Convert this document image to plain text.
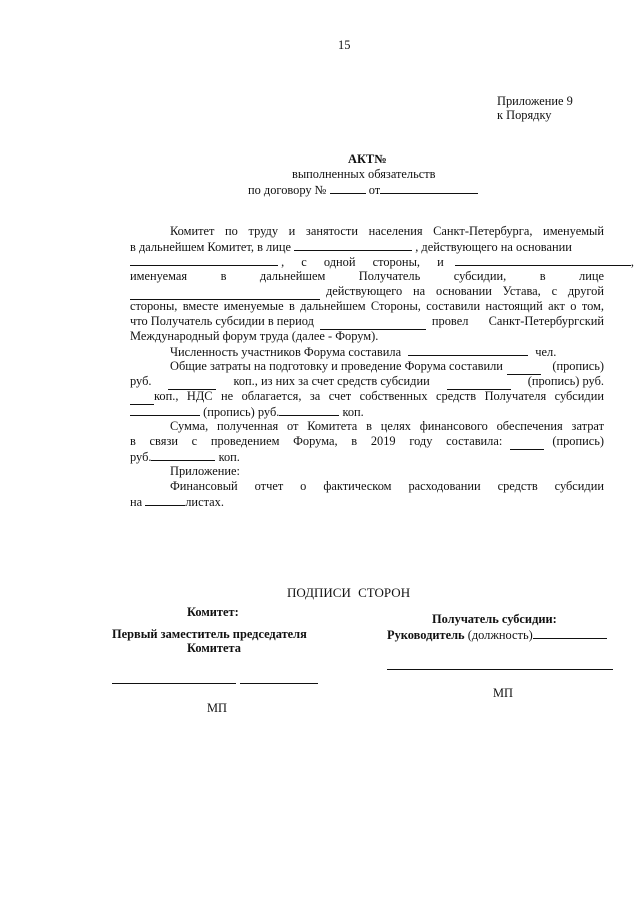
15
Приложение 9
к Порядку
АКТ№
выполненных обязательств
по договору №	от
Комитет по труду и занятости населения Санкт-Петербурга, именуемый
в дальнейшем Комитет, в лице	, действующего на основании
, с одной стороны, и	,
именуемая	в	дальнейшем	Получатель	субсидии,	в	лице
действующего на основании Устава, с другой
стороны, вместе именуемые в дальнейшем Стороны, составили настоящий акт о том,
что Получатель субсидии в период	провел Санкт-Петербургский
Международный форум труда (далее - Форум).
Численность участников Форума составила	чел.
Общие затраты на подготовку и проведение Форума составили	(пропись)
руб.	коп., из них за счет средств субсидии	(пропись) руб.
коп., НДС не облагается, за счет собственных средств Получателя субсидии
(пропись) руб.	коп.
Сумма, полученная от Комитета в целях финансового обеспечения затрат
в связи с проведением Форума, в 2019 году составила:	(пропись)
руб.	коп.
Приложение:
Финансовый отчет о фактическом расходовании средств субсидии
на	листах.
ПОДПИСИ СТОРОН
Комитет:
Первый заместитель председателя
Комитета
МП
Получатель субсидии:
Руководитель (должность)
МП
